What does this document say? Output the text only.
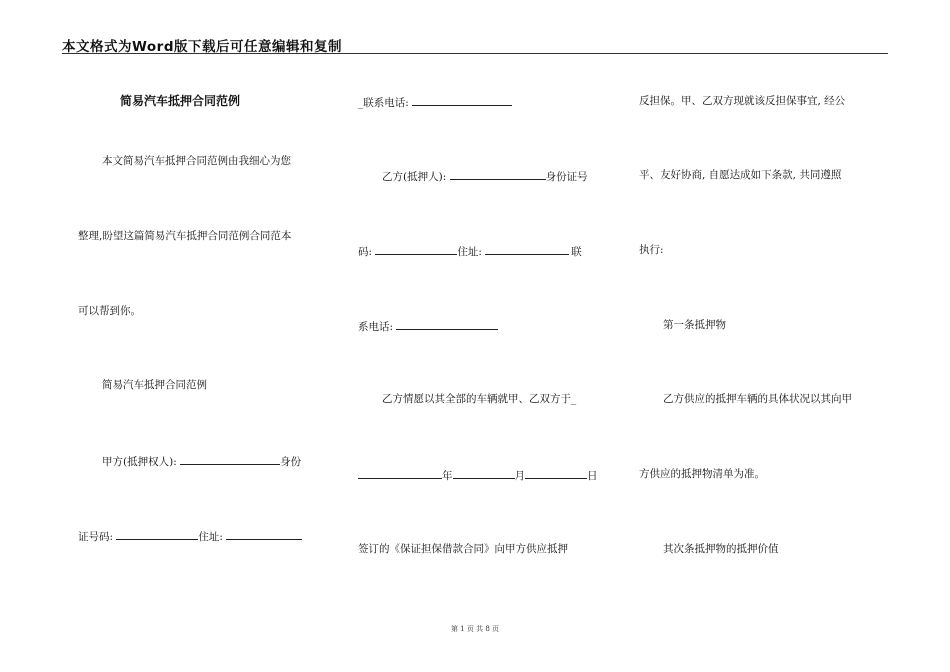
本文格式为Word版下载后可任意编辑和复制
简易汽车抵押合同范例
本文简易汽车抵押合同范例由我细心为您
整理,盼望这篇简易汽车抵押合同范例合同范本
可以帮到你。
简易汽车抵押合同范例
甲方(抵押权人):	身份
证号码:	住址:
_联系电话:
乙方(抵押人):	身份证号
码:	住址:	联
系电话:
乙方情愿以其全部的车辆就甲、乙双方于_
年	月	日
签订的《保证担保借款合同》向甲方供应抵押
反担保。甲、乙双方现就该反担保事宜, 经公
平、友好协商, 自愿达成如下条款, 共同遵照
执行:
第一条抵押物
乙方供应的抵押车辆的具体状况以其向甲
方供应的抵押物清单为准。
其次条抵押物的抵押价值
第 1 页 共 8 页
